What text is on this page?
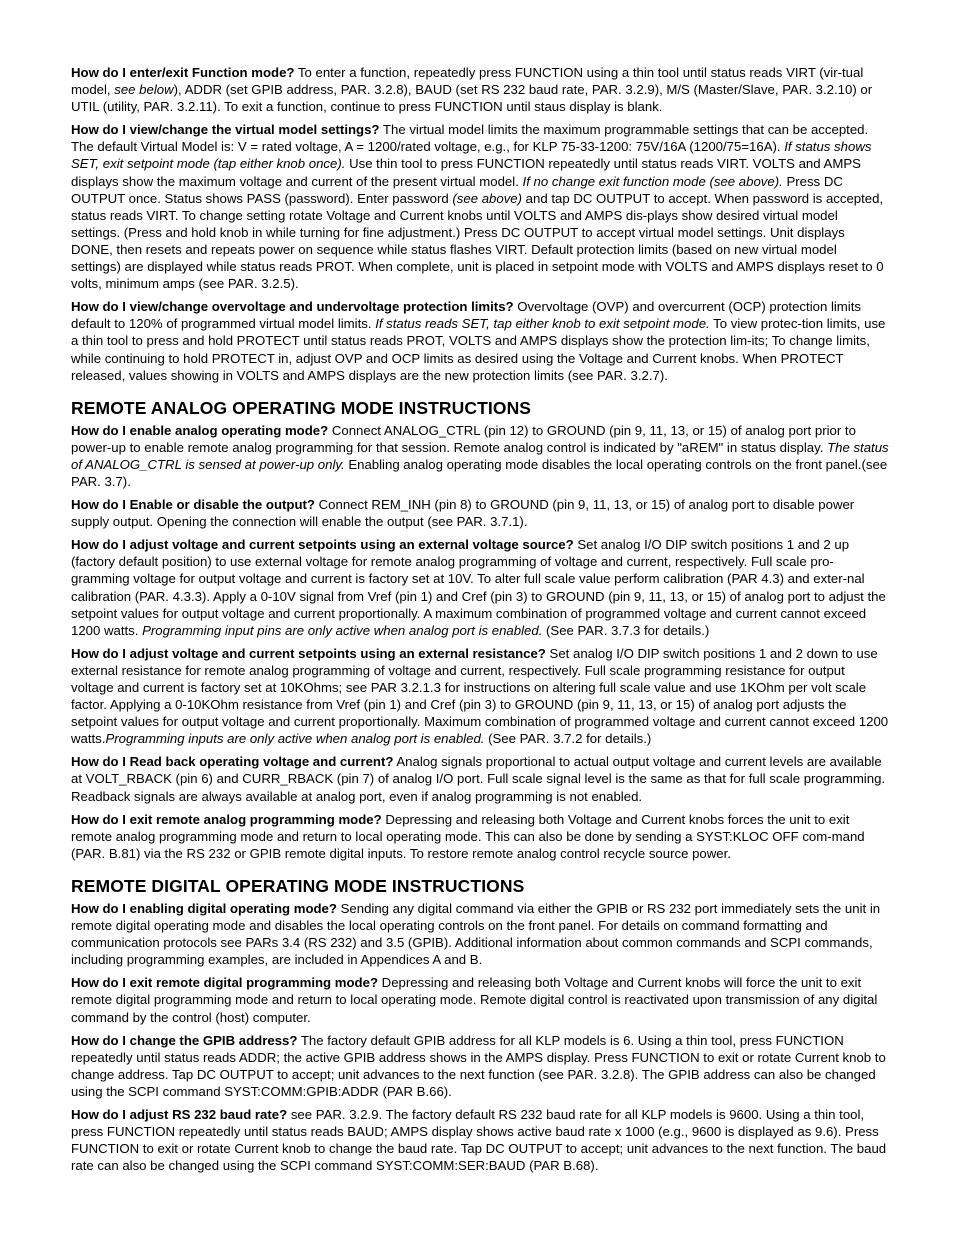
How do I enter/exit Function mode? To enter a function, repeatedly press FUNCTION using a thin tool until status reads VIRT (vir-tual model, see below), ADDR (set GPIB address, PAR. 3.2.8), BAUD (set RS 232 baud rate, PAR. 3.2.9), M/S (Master/Slave, PAR. 3.2.10) or UTIL (utility, PAR. 3.2.11). To exit a function, continue to press FUNCTION until staus display is blank.

How do I view/change the virtual model settings? The virtual model limits the maximum programmable settings that can be accepted. The default Virtual Model is: V = rated voltage, A = 1200/rated voltage, e.g., for KLP 75-33-1200: 75V/16A (1200/75=16A). If status shows SET, exit setpoint mode (tap either knob once). Use thin tool to press FUNCTION repeatedly until status reads VIRT. VOLTS and AMPS displays show the maximum voltage and current of the present virtual model. If no change exit function mode (see above). Press DC OUTPUT once. Status shows PASS (password). Enter password (see above) and tap DC OUTPUT to accept. When password is accepted, status reads VIRT. To change setting rotate Voltage and Current knobs until VOLTS and AMPS dis-plays show desired virtual model settings. (Press and hold knob in while turning for fine adjustment.) Press DC OUTPUT to accept virtual model settings. Unit displays DONE, then resets and repeats power on sequence while status flashes VIRT. Default protection limits (based on new virtual model settings) are displayed while status reads PROT. When complete, unit is placed in setpoint mode with VOLTS and AMPS displays reset to 0 volts, minimum amps (see PAR. 3.2.5).

How do I view/change overvoltage and undervoltage protection limits? Overvoltage (OVP) and overcurrent (OCP) protection limits default to 120% of programmed virtual model limits. If status reads SET, tap either knob to exit setpoint mode. To view protec-tion limits, use a thin tool to press and hold PROTECT until status reads PROT, VOLTS and AMPS displays show the protection lim-its; To change limits, while continuing to hold PROTECT in, adjust OVP and OCP limits as desired using the Voltage and Current knobs. When PROTECT released, values showing in VOLTS and AMPS displays are the new protection limits (see PAR. 3.2.7).

REMOTE ANALOG OPERATING MODE INSTRUCTIONS

How do I enable analog operating mode? Connect ANALOG_CTRL (pin 12) to GROUND (pin 9, 11, 13, or 15) of analog port prior to power-up to enable remote analog programming for that session. Remote analog control is indicated by "aREM" in status display. The status of ANALOG_CTRL is sensed at power-up only. Enabling analog operating mode disables the local operating controls on the front panel.(see PAR. 3.7).

How do I Enable or disable the output? Connect REM_INH (pin 8) to GROUND (pin 9, 11, 13, or 15) of analog port to disable power supply output. Opening the connection will enable the output (see PAR. 3.7.1).

How do I adjust voltage and current setpoints using an external voltage source? Set analog I/O DIP switch positions 1 and 2 up (factory default position) to use external voltage for remote analog programming of voltage and current, respectively. Full scale pro-gramming voltage for output voltage and current is factory set at 10V. To alter full scale value perform calibration (PAR 4.3) and exter-nal calibration (PAR. 4.3.3). Apply a 0-10V signal from Vref (pin 1) and Cref (pin 3) to GROUND (pin 9, 11, 13, or 15) of analog port to adjust the setpoint values for output voltage and current proportionally. A maximum combination of programmed voltage and current cannot exceed 1200 watts. Programming input pins are only active when analog port is enabled. (See PAR. 3.7.3 for details.)

How do I adjust voltage and current setpoints using an external resistance? Set analog I/O DIP switch positions 1 and 2 down to use external resistance for remote analog programming of voltage and current, respectively. Full scale programming resistance for output voltage and current is factory set at 10KOhms; see PAR 3.2.1.3 for instructions on altering full scale value and use 1KOhm per volt scale factor. Applying a 0-10KOhm resistance from Vref (pin 1) and Cref (pin 3) to GROUND (pin 9, 11, 13, or 15) of analog port adjusts the setpoint values for output voltage and current proportionally. Maximum combination of programmed voltage and current cannot exceed 1200 watts.Programming inputs are only active when analog port is enabled. (See PAR. 3.7.2 for details.)

How do I Read back operating voltage and current? Analog signals proportional to actual output voltage and current levels are available at VOLT_RBACK (pin 6) and CURR_RBACK (pin 7) of analog I/O port. Full scale signal level is the same as that for full scale programming. Readback signals are always available at analog port, even if analog programming is not enabled.

How do I exit remote analog programming mode? Depressing and releasing both Voltage and Current knobs forces the unit to exit remote analog programming mode and return to local operating mode. This can also be done by sending a SYST:KLOC OFF com-mand (PAR. B.81) via the RS 232 or GPIB remote digital inputs. To restore remote analog control recycle source power.

REMOTE DIGITAL OPERATING MODE INSTRUCTIONS

How do I enabling digital operating mode? Sending any digital command via either the GPIB or RS 232 port immediately sets the unit in remote digital operating mode and disables the local operating controls on the front panel. For details on command formatting and communication protocols see PARs 3.4 (RS 232) and 3.5 (GPIB). Additional information about common commands and SCPI commands, including programming examples, are included in Appendices A and B.

How do I exit remote digital programming mode? Depressing and releasing both Voltage and Current knobs will force the unit to exit remote digital programming mode and return to local operating mode. Remote digital control is reactivated upon transmission of any digital command by the control (host) computer.

How do I change the GPIB address? The factory default GPIB address for all KLP models is 6. Using a thin tool, press FUNCTION repeatedly until status reads ADDR; the active GPIB address shows in the AMPS display. Press FUNCTION to exit or rotate Current knob to change address. Tap DC OUTPUT to accept; unit advances to the next function (see PAR. 3.2.8). The GPIB address can also be changed using the SCPI command SYST:COMM:GPIB:ADDR (PAR B.66).

How do I adjust RS 232 baud rate? see PAR. 3.2.9. The factory default RS 232 baud rate for all KLP models is 9600. Using a thin tool, press FUNCTION repeatedly until status reads BAUD; AMPS display shows active baud rate x 1000 (e.g., 9600 is displayed as 9.6). Press FUNCTION to exit or rotate Current knob to change the baud rate. Tap DC OUTPUT to accept; unit advances to the next function. The baud rate can also be changed using the SCPI command SYST:COMM:SER:BAUD (PAR B.68).
